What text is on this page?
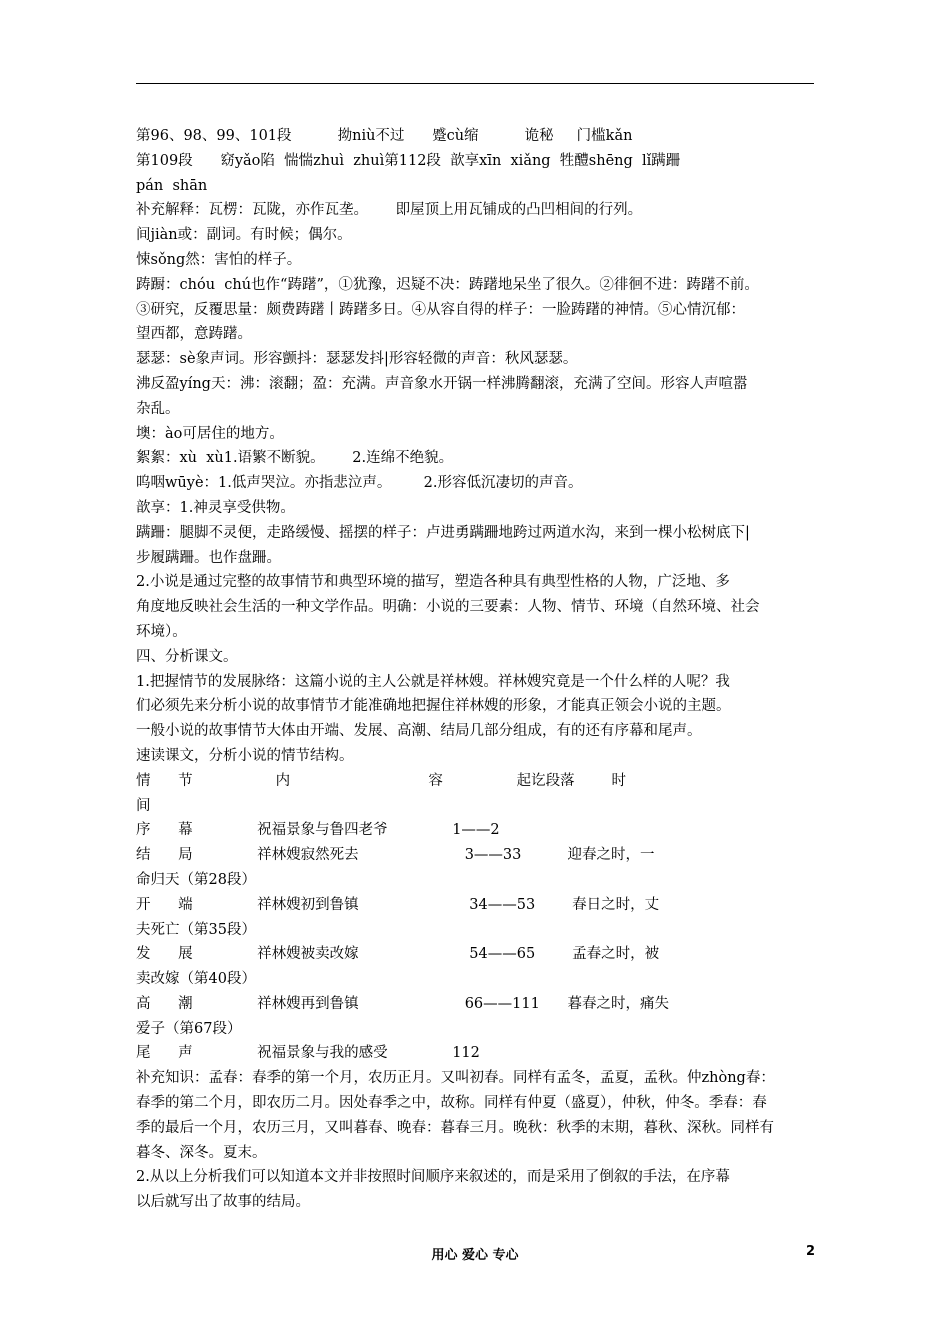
第96、98、99、101段          拗niù不过      蹙cù缩          诡秘     门槛kǎn
第109段      窈yǎo陷  惴惴zhuì  zhuì第112段  歆享xīn  xiǎng  牲醴shēng  lǐ蹒跚
pán  shān
补充解释：瓦楞：瓦陇，亦作瓦垄。      即屋顶上用瓦铺成的凸凹相间的行列。
间jiàn或：副词。有时候；偶尔。
悚sǒng然：害怕的样子。
踌蹰：chóu  chú也作“踌躇”，①犹豫，迟疑不决：踌躇地呆坐了很久。②徘徊不进：踌躇不前。
③研究，反覆思量：颇费踌躇丨踌躇多日。④从容自得的样子：一脸踌躇的神情。⑤心情沉郁：
望西都，意踌躇。
瑟瑟：sè象声词。形容颤抖：瑟瑟发抖|形容轻微的声音：秋风瑟瑟。
沸反盈yíng天：沸：滚翻；盈：充满。声音象水开锅一样沸腾翻滚，充满了空间。形容人声喧嚣
杂乱。
墺：ào可居住的地方。
絮絮：xù  xù1.语繁不断貌。      2.连绵不绝貌。
呜咽wūyè：1.低声哭泣。亦指悲泣声。       2.形容低沉凄切的声音。
歆享：1.神灵享受供物。
蹒跚：腿脚不灵便，走路缓慢、摇摆的样子：卢进勇蹒跚地跨过两道水沟，来到一棵小松树底下|
步履蹒跚。也作盘跚。
2.小说是通过完整的故事情节和典型环境的描写，塑造各种具有典型性格的人物，广泛地、多
角度地反映社会生活的一种文学作品。明确：小说的三要素：人物、情节、环境（自然环境、社会
环境）。
四、分析课文。
1.把握情节的发展脉络：这篇小说的主人公就是祥林嫂。祥林嫂究竟是一个什么样的人呢？我
们必须先来分析小说的故事情节才能准确地把握住祥林嫂的形象，才能真正领会小说的主题。
一般小说的故事情节大体由开端、发展、高潮、结局几部分组成，有的还有序幕和尾声。
速读课文，分析小说的情节结构。
情      节                  内                              容                起讫段落        时
间
序      幕              祝福景象与鲁四老爷              1——2
结      局              祥林嫂寂然死去                       3——33          迎春之时，一
命归天（第28段）
开      端              祥林嫂初到鲁镇                        34——53        春日之时，丈
夫死亡（第35段）
发      展              祥林嫂被卖改嫁                        54——65        孟春之时，被
卖改嫁（第40段）
高      潮              祥林嫂再到鲁镇                       66——111      暮春之时，痛失
爱子（第67段）
尾      声              祝福景象与我的感受              112
补充知识：孟春：春季的第一个月，农历正月。又叫初春。同样有孟冬，孟夏，孟秋。仲zhòng春：
春季的第二个月，即农历二月。因处春季之中，故称。同样有仲夏（盛夏），仲秋，仲冬。季春：春
季的最后一个月，农历三月，又叫暮春、晚春：暮春三月。晚秋：秋季的末期，暮秋、深秋。同样有
暮冬、深冬。夏末。
2.从以上分析我们可以知道本文并非按照时间顺序来叙述的，而是采用了倒叙的手法，在序幕
以后就写出了故事的结局。
用心 爱心 专心	2
